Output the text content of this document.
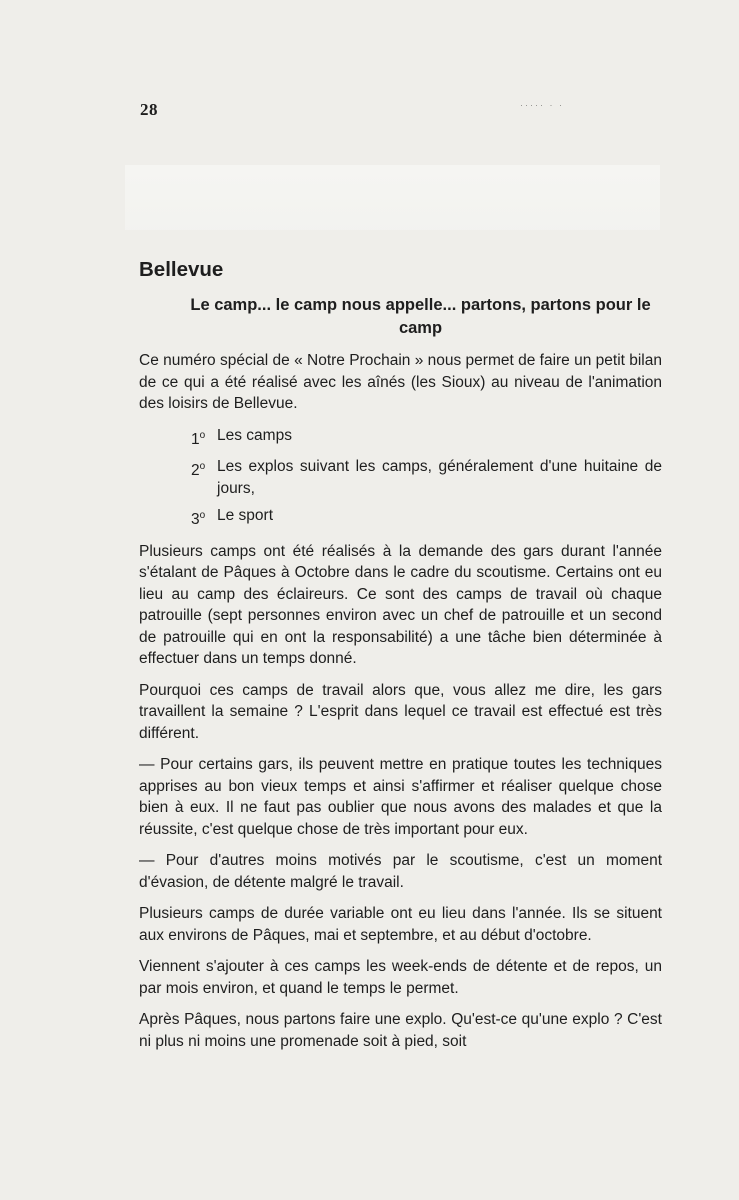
28	····· · ·
Bellevue
Le camp... le camp nous appelle... partons, partons pour le camp

Ce numéro spécial de « Notre Prochain » nous permet de faire un petit bilan de ce qui a été réalisé avec les aînés (les Sioux) au niveau de l'animation des loisirs de Bellevue.

1$^o$ Les camps
2$^o$ Les explos suivant les camps, généralement d'une huitaine de jours,
3$^o$ Le sport

Plusieurs camps ont été réalisés à la demande des gars durant l'année s'étalant de Pâques à Octobre dans le cadre du scoutisme. Certains ont eu lieu au camp des éclaireurs. Ce sont des camps de travail où chaque patrouille (sept personnes environ avec un chef de patrouille et un second de patrouille qui en ont la responsabilité) a une tâche bien déterminée à effectuer dans un temps donné.

Pourquoi ces camps de travail alors que, vous allez me dire, les gars travaillent la semaine ? L'esprit dans lequel ce travail est effectué est très différent.

— Pour certains gars, ils peuvent mettre en pratique toutes les techniques apprises au bon vieux temps et ainsi s'affirmer et réaliser quelque chose bien à eux. Il ne faut pas oublier que nous avons des malades et que la réussite, c'est quelque chose de très important pour eux.

— Pour d'autres moins motivés par le scoutisme, c'est un moment d'évasion, de détente malgré le travail.

Plusieurs camps de durée variable ont eu lieu dans l'année. Ils se situent aux environs de Pâques, mai et septembre, et au début d'octobre.

Viennent s'ajouter à ces camps les week-ends de détente et de repos, un par mois environ, et quand le temps le permet.

Après Pâques, nous partons faire une explo. Qu'est-ce qu'une explo ? C'est ni plus ni moins une promenade soit à pied, soit
